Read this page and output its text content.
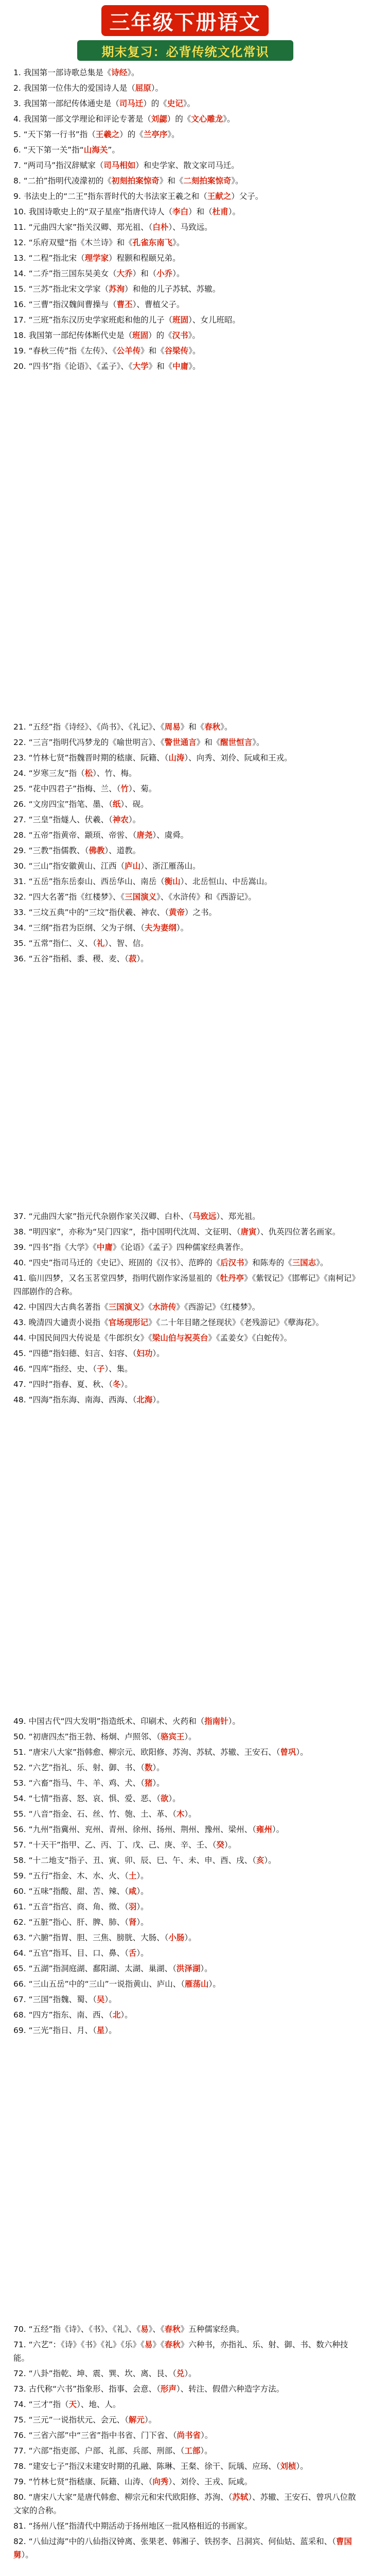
三年级下册语文
期末复习：必背传统文化常识
1. 我国第一部诗歌总集是《诗经》。
2. 我国第一位伟大的爱国诗人是（屈原）。
3. 我国第一部纪传体通史是（司马迁）的《史记》。
4. 我国第一部文学理论和评论专著是（刘勰）的《文心雕龙》。
5. “天下第一行书”指（王羲之）的《兰亭序》。
6. “天下第一关”指“山海关”。
7. “两司马”指汉辞赋家（司马相如）和史学家、散文家司马迁。
8. “二拍”指明代凌濛初的《初刻拍案惊奇》和《二刻拍案惊奇》。
9. 书法史上的“二王”指东晋时代的大书法家王羲之和（王献之）父子。
10. 我国诗歌史上的“双子星座”指唐代诗人（李白）和（杜甫）。
11. “元曲四大家”指关汉卿、郑光祖、（白朴）、马致远。
12. “乐府双璧”指《木兰诗》和《孔雀东南飞》。
13. “二程”指北宋（理学家）程颢和程颐兄弟。
14. “二乔”指三国东吴美女（大乔）和（小乔）。
15. “三苏”指北宋文学家（苏洵）和他的儿子苏轼、苏辙。
16. “三曹”指汉魏间曹操与（曹丕）、曹植父子。
17. “三班”指东汉历史学家班彪和他的儿子（班固）、女儿班昭。
18. 我国第一部纪传体断代史是（班固）的《汉书》。
19. “春秋三传”指《左传》、《公羊传》和《谷梁传》。
20. “四书”指《论语》、《孟子》、《大学》和《中庸》。
21. “五经”指《诗经》、《尚书》、《礼记》、《周易》和《春秋》。
22. “三言”指明代冯梦龙的《喻世明言》、《警世通言》和《醒世恒言》。
23. “竹林七贤”指魏晋时期的嵇康、阮籍、（山涛）、向秀、刘伶、阮咸和王戎。
24. “岁寒三友”指（松）、竹、梅。
25. “花中四君子”指梅、兰、（竹）、菊。
26. “文房四宝”指笔、墨、（纸）、砚。
27. “三皇”指燧人、伏羲、（神农）。
28. “五帝”指黄帝、颛顼、帝喾、（唐尧）、虞舜。
29. “三教”指儒教、（佛教）、道教。
30. “三山”指安徽黄山、江西（庐山）、浙江雁荡山。
31. “五岳”指东岳泰山、西岳华山、南岳（衡山）、北岳恒山、中岳嵩山。
32. “四大名著”指《红楼梦》、《三国演义》、《水浒传》和《西游记》。
33. “三坟五典”中的“三坟”指伏羲、神农、（黄帝）之书。
34. “三纲”指君为臣纲、父为子纲、（夫为妻纲）。
35. “五常”指仁、义、（礼）、智、信。
36. “五谷”指稻、黍、稷、麦、（菽）。
37. “元曲四大家”指元代杂剧作家关汉卿、白朴、（马致远）、郑光祖。
38. “明四家”，亦称为“吴门四家”，指中国明代沈周、文征明、（唐寅）、仇英四位著名画家。
39. “四书”指《大学》《中庸》《论语》《孟子》四种儒家经典著作。
40. “四史”指司马迁的《史记》、班固的《汉书》、范晔的《后汉书》和陈寿的《三国志》。
41. 临川四梦，又名玉茗堂四梦，指明代剧作家汤显祖的《牡丹亭》《紫钗记》《邯郸记》《南柯记》四部剧作的合称。
42. 中国四大古典名著指《三国演义》《水浒传》《西游记》《红楼梦》。
43. 晚清四大谴责小说指《官场现形记》《二十年目睹之怪现状》《老残游记》《孽海花》。
44. 中国民间四大传说是《牛郎织女》《梁山伯与祝英台》《孟姜女》《白蛇传》。
45. “四德”指妇德、妇言、妇容、（妇功）。
46. “四库”指经、史、（子）、集。
47. “四时”指春、夏、秋、（冬）。
48. “四海”指东海、南海、西海、（北海）。
49. 中国古代“四大发明”指造纸术、印刷术、火药和（指南针）。
50. “初唐四杰”指王勃、杨炯、卢照邻、（骆宾王）。
51. “唐宋八大家”指韩愈、柳宗元、欧阳修、苏洵、苏轼、苏辙、王安石、（曾巩）。
52. “六艺”指礼、乐、射、御、书、（数）。
53. “六畜”指马、牛、羊、鸡、犬、（猪）。
54. “七情”指喜、怒、哀、惧、爱、恶、（欲）。
55. “八音”指金、石、丝、竹、匏、土、革、（木）。
56. “九州”指冀州、兖州、青州、徐州、扬州、荆州、豫州、梁州、（雍州）。
57. “十天干”指甲、乙、丙、丁、戊、己、庚、辛、壬、（癸）。
58. “十二地支”指子、丑、寅、卯、辰、巳、午、未、申、酉、戌、（亥）。
59. “五行”指金、木、水、火、（土）。
60. “五味”指酸、甜、苦、辣、（咸）。
61. “五音”指宫、商、角、徵、（羽）。
62. “五脏”指心、肝、脾、肺、（肾）。
63. “六腑”指胃、胆、三焦、膀胱、大肠、（小肠）。
64. “五官”指耳、目、口、鼻、（舌）。
65. “五湖”指洞庭湖、鄱阳湖、太湖、巢湖、（洪泽湖）。
66. “三山五岳”中的“三山”一说指黄山、庐山、（雁荡山）。
67. “三国”指魏、蜀、（吴）。
68. “四方”指东、南、西、（北）。
69. “三光”指日、月、（星）。
70. “五经”指《诗》、《书》、《礼》、《易》、《春秋》五种儒家经典。
71. “六艺”：《诗》《书》《礼》《乐》《易》《春秋》六种书，亦指礼、乐、射、御、书、数六种技能。
72. “八卦”指乾、坤、震、巽、坎、离、艮、（兑）。
73. 古代称“六书”指象形、指事、会意、（形声）、转注、假借六种造字方法。
74. “三才”指（天）、地、人。
75. “三元”一说指状元、会元、（解元）。
76. “三省六部”中“三省”指中书省、门下省、（尚书省）。
77. “六部”指吏部、户部、礼部、兵部、刑部、（工部）。
78. “建安七子”指汉末建安时期的孔融、陈琳、王粲、徐干、阮瑀、应玚、（刘桢）。
79. “竹林七贤”指嵇康、阮籍、山涛、（向秀）、刘伶、王戎、阮咸。
80. “唐宋八大家”是唐代韩愈、柳宗元和宋代欧阳修、苏洵、（苏轼）、苏辙、王安石、曾巩八位散文家的合称。
81. “扬州八怪”指清代中期活动于扬州地区一批风格相近的书画家。
82. “八仙过海”中的八仙指汉钟离、张果老、韩湘子、铁拐李、吕洞宾、何仙姑、蓝采和、（曹国舅）。
